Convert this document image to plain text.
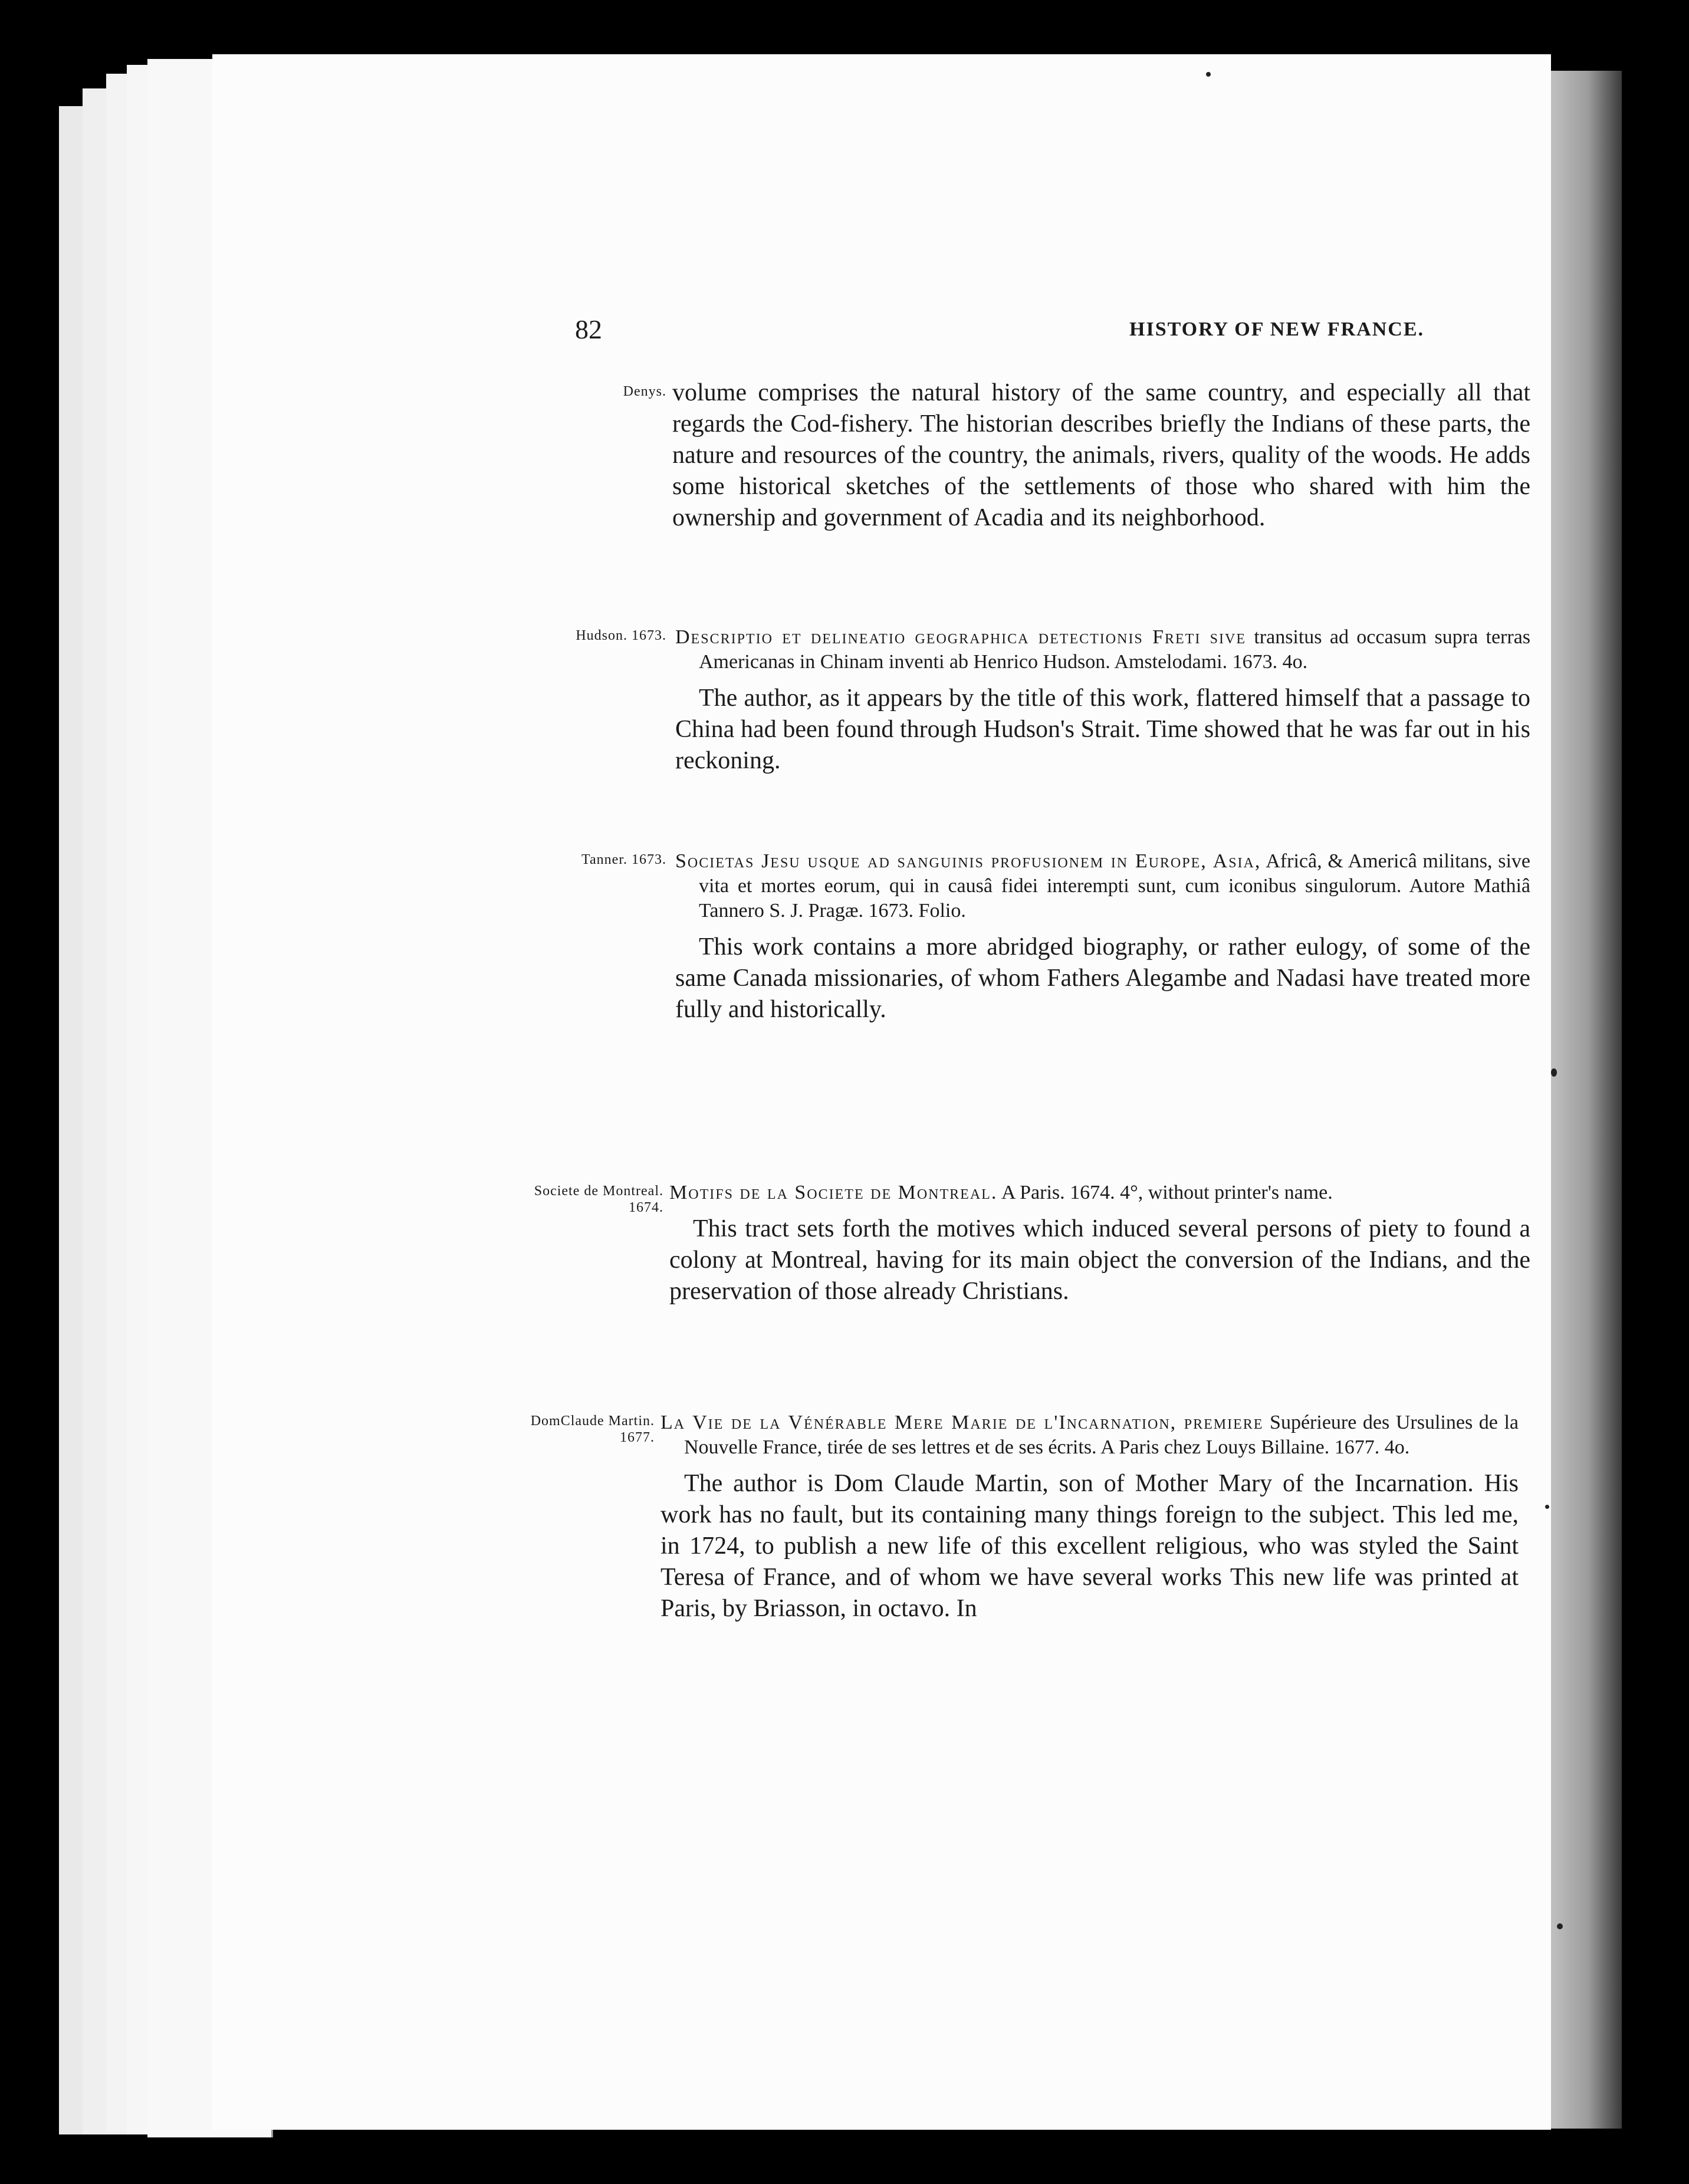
82	HISTORY OF NEW FRANCE.
Denys. volume comprises the natural history of the same country, and especially all that regards the Cod-fishery. The historian describes briefly the Indians of these parts, the nature and resources of the country, the animals, rivers, quality of the woods. He adds some historical sketches of the settlements of those who shared with him the ownership and government of Acadia and its neighborhood.

Hudson. 1673. Descriptio et delineatio geographica detectionis Freti sive transitus ad occasum supra terras Americanas in Chinam inventi ab Henrico Hudson. Amstelodami. 1673. 4o.

The author, as it appears by the title of this work, flattered himself that a passage to China had been found through Hudson's Strait. Time showed that he was far out in his reckoning.

Tanner. 1673. Societas Jesu usque ad sanguinis profusionem in Europe, Asia, Africâ, & Americâ militans, sive vita et mortes eorum, qui in causâ fidei interempti sunt, cum iconibus singulorum. Autore Mathiâ Tannero S. J. Pragæ. 1673. Folio.

This work contains a more abridged biography, or rather eulogy, of some of the same Canada missionaries, of whom Fathers Alegambe and Nadasi have treated more fully and historically.

Societe de Montreal. 1674.

Motifs de la Societe de Montreal. A Paris. 1674. 4°, without printer's name.

This tract sets forth the motives which induced several persons of piety to found a colony at Montreal, having for its main object the conversion of the Indians, and the preservation of those already Christians.

DomClaude Martin. 1677.

La Vie de la Vénérable Mere Marie de l'Incarnation, premiere Supérieure des Ursulines de la Nouvelle France, tirée de ses lettres et de ses écrits. A Paris chez Louys Billaine. 1677. 4o.

The author is Dom Claude Martin, son of Mother Mary of the Incarnation. His work has no fault, but its containing many things foreign to the subject. This led me, in 1724, to publish a new life of this excellent religious, who was styled the Saint Teresa of France, and of whom we have several works This new life was printed at Paris, by Briasson, in octavo. In
